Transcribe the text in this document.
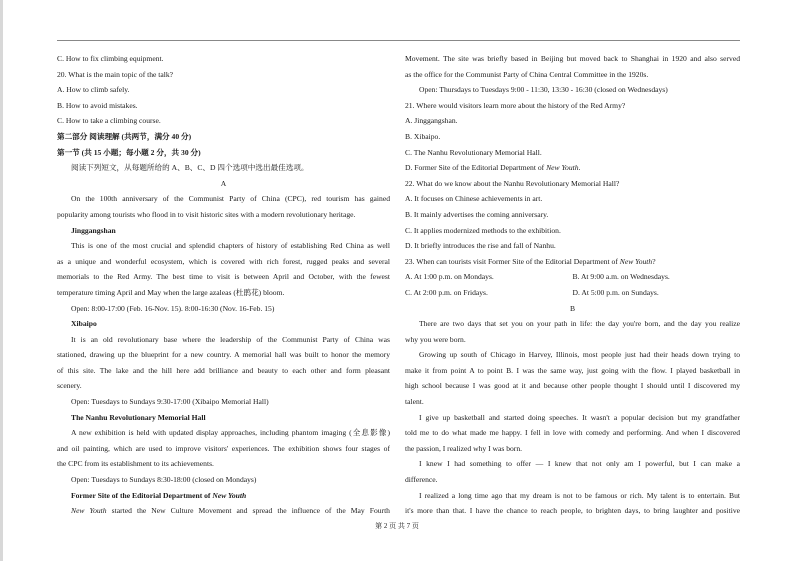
C. How to fix climbing equipment.
20. What is the main topic of the talk?
A. How to climb safely.
B. How to avoid mistakes.
C. How to take a climbing course.
第二部分 阅读理解 (共两节，满分 40 分)
第一节 (共 15 小题；每小题 2 分，共 30 分)
阅读下列短文，从每题所给的 A、B、C、D 四个选项中选出最佳选项。
A
On the 100th anniversary of the Communist Party of China (CPC), red tourism has gained
popularity among tourists who flood in to visit historic sites with a modern revolutionary heritage.
Jinggangshan
This is one of the most crucial and splendid chapters of history of establishing Red China as well
as a unique and wonderful ecosystem, which is covered with rich forest, rugged peaks and several
memorials to the Red Army. The best time to visit is between April and October, with the fewest
temperature timing April and May when the large azaleas (杜鹃花) bloom.
Open: 8:00-17:00 (Feb. 16-Nov. 15). 8:00-16:30 (Nov. 16-Feb. 15)
Xibaipo
It is an old revolutionary base where the leadership of the Communist Party of China was
stationed, drawing up the blueprint for a new country. A memorial hall was built to honor the memory
of this site. The lake and the hill here add brilliance and beauty to each other and form pleasant
scenery.
Open: Tuesdays to Sundays 9:30-17:00 (Xibaipo Memorial Hall)
The Nanhu Revolutionary Memorial Hall
A new exhibition is held with updated display approaches, including phantom imaging (全息影像)
and oil painting, which are used to improve visitors' experiences. The exhibition shows four stages of
the CPC from its establishment to its achievements.
Open: Tuesdays to Sundays 8:30-18:00 (closed on Mondays)
Former Site of the Editorial Department of New Youth
New Youth started the New Culture Movement and spread the influence of the May Fourth
Movement. The site was briefly based in Beijing but moved back to Shanghai in 1920 and also served
as the office for the Communist Party of China Central Committee in the 1920s.
Open: Thursdays to Tuesdays 9:00 - 11:30, 13:30 - 16:30 (closed on Wednesdays)
21. Where would visitors learn more about the history of the Red Army?
A. Jinggangshan.
B. Xibaipo.
C. The Nanhu Revolutionary Memorial Hall.
D. Former Site of the Editorial Department of New Youth.
22. What do we know about the Nanhu Revolutionary Memorial Hall?
A. It focuses on Chinese achievements in art.
B. It mainly advertises the coming anniversary.
C. It applies modernized methods to the exhibition.
D. It briefly introduces the rise and fall of Nanhu.
23. When can tourists visit Former Site of the Editorial Department of New Youth?
A. At 1:00 p.m. on Mondays.	B. At 9:00 a.m. on Wednesdays.
C. At 2:00 p.m. on Fridays.	D. At 5:00 p.m. on Sundays.
B
There are two days that set you on your path in life: the day you're born, and the day you realize
why you were born.
Growing up south of Chicago in Harvey, Illinois, most people just had their heads down trying to
make it from point A to point B. I was the same way, just going with the flow. I played basketball in
high school because I was good at it and because other people thought I should until I discovered my
talent.
I give up basketball and started doing speeches. It wasn't a popular decision but my grandfather
told me to do what made me happy. I fell in love with comedy and performing. And when I discovered
the passion, I realized why I was born.
I knew I had something to offer — I knew that not only am I powerful, but I can make a
difference.
I realized a long time ago that my dream is not to be famous or rich. My talent is to entertain. But
it's more than that. I have the chance to reach people, to brighten days, to bring laughter and positive
第 2 页 共 7 页
